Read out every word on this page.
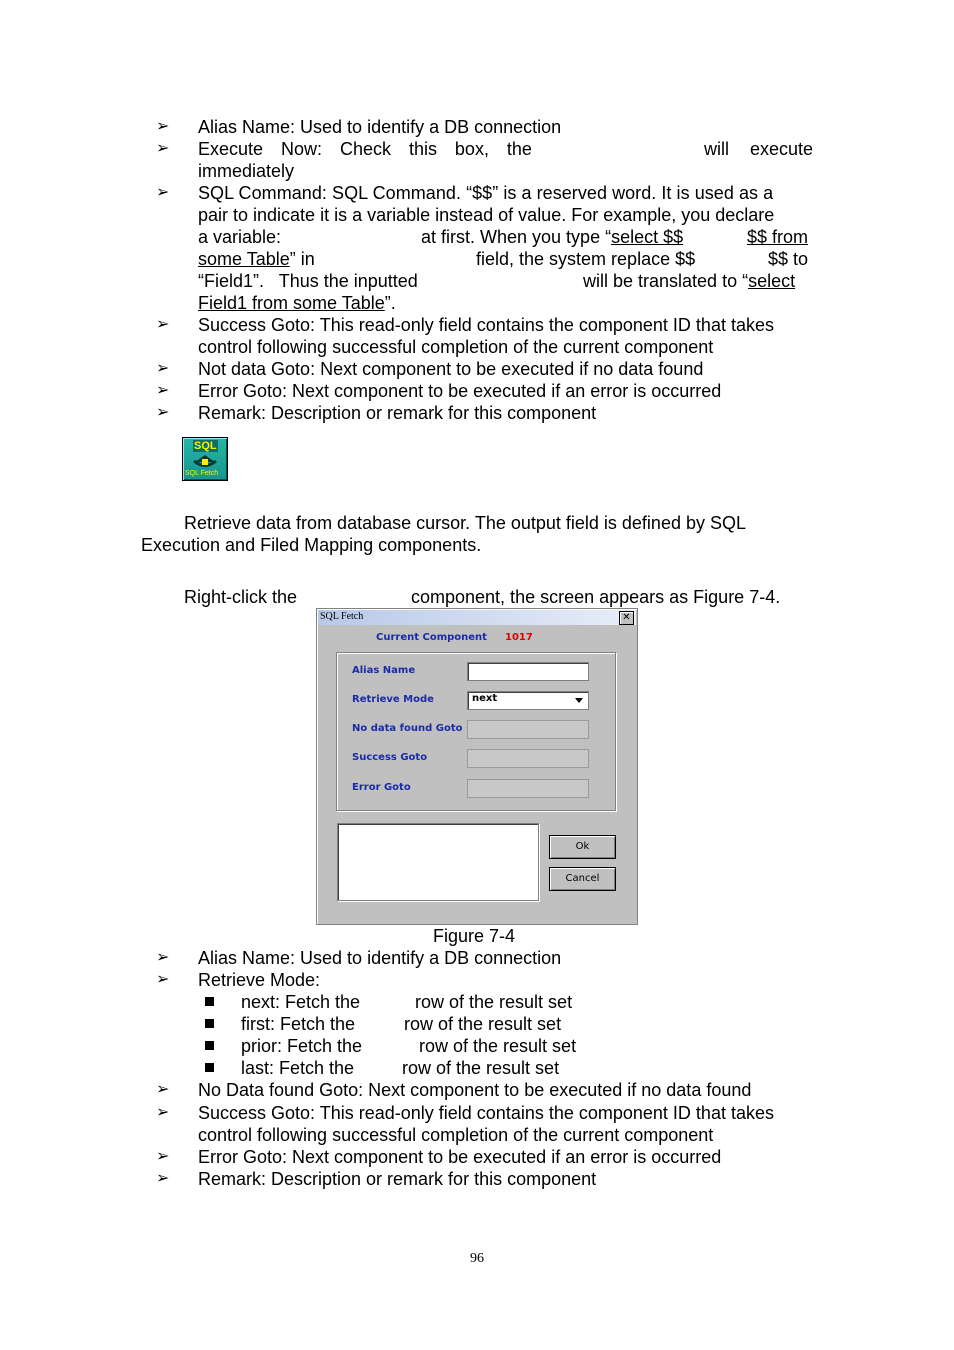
➢ Alias Name: Used to identify a DB connection
➢ Execute Now: Check this box, the	will execute
immediately
➢ SQL Command: SQL Command. “$$” is a reserved word. It is used as a
pair to indicate it is a variable instead of value. For example, you declare
a variable:	at first. When you type “select $$	$$ from
some Table” in	field, the system replace $$	$$ to
“Field1”.   Thus the inputted	will be translated to “select
Field1 from some Table”.
➢ Success Goto: This read-only field contains the component ID that takes
control following successful completion of the current component
➢ Not data Goto: Next component to be executed if no data found
➢ Error Goto: Next component to be executed if an error is occurred
➢ Remark: Description or remark for this component
SQL
SQL Fetch
Retrieve data from database cursor. The output field is defined by SQL
Execution and Filed Mapping components.
Right-click the	component, the screen appears as Figure 7-4.
SQL Fetch	✕
Current Component 1017
Alias Name
Retrieve Mode	next
No data found Goto
Success Goto
Error Goto
Ok
Cancel
Figure 7-4
➢ Alias Name: Used to identify a DB connection
➢ Retrieve Mode:
next: Fetch the	row of the result set
first: Fetch the	row of the result set
prior: Fetch the	row of the result set
last: Fetch the	row of the result set
➢ No Data found Goto: Next component to be executed if no data found
➢ Success Goto: This read-only field contains the component ID that takes
control following successful completion of the current component
➢ Error Goto: Next component to be executed if an error is occurred
➢ Remark: Description or remark for this component
96
